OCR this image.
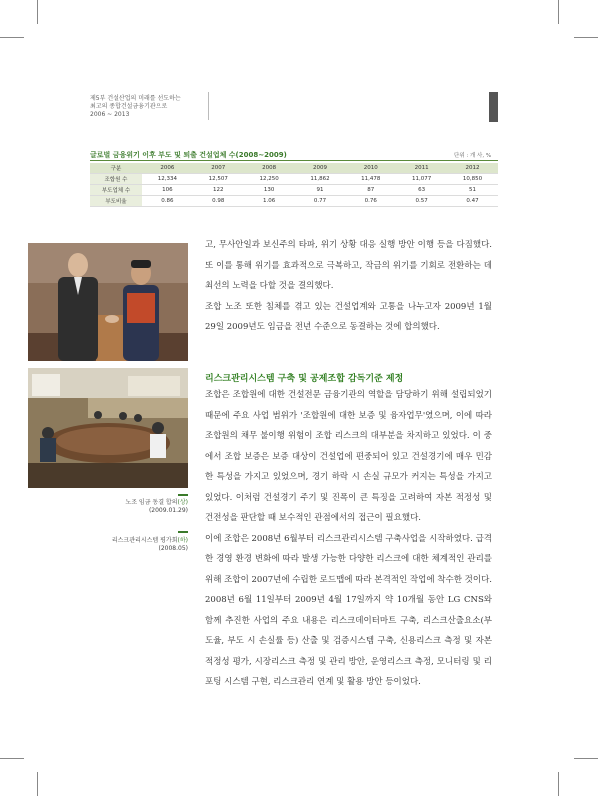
제5부 건설산업의 미래를 선도하는
최고의 종합건설금융기관으로
2006 ~ 2013
글로벌 금융위기 이후 부도 및 퇴출 건설업체 수(2008~2009)	단위 : 개 사, %
구분	2006	2007	2008	2009	2010	2011	2012
조합원 수	12,334	12,507	12,250	11,862	11,478	11,077	10,850
부도업체 수	106	122	130	91	87	63	51
부도비율	0.86	0.98	1.06	0.77	0.76	0.57	0.47
노조 임금 동결 합의(상)
(2009.01.29)
리스크관리시스템 평가회(하)
(2008.05)

고, 무사안일과 보신주의 타파, 위기 상황 대응 실행 방안 이행 등을 다짐했다. 또 이를 통해 위기를 효과적으로 극복하고, 작금의 위기를 기회로 전환하는 데 최선의 노력을 다할 것을 결의했다.

조합 노조 또한 침체를 겪고 있는 건설업계와 고통을 나누고자 2009년 1월 29일 2009년도 임금을 전년 수준으로 동결하는 것에 합의했다.

리스크관리시스템 구축 및 공제조합 감독기준 제정

조합은 조합원에 대한 건설전문 금융기관의 역할을 담당하기 위해 설립되었기 때문에 주요 사업 범위가 '조합원에 대한 보증 및 융자업무'였으며, 이에 따라 조합원의 채무 불이행 위험이 조합 리스크의 대부분을 차지하고 있었다. 이 중에서 조합 보증은 보증 대상이 건설업에 편중되어 있고 건설경기에 매우 민감한 특성을 가지고 있었으며, 경기 하락 시 손실 규모가 커지는 특성을 가지고 있었다. 이처럼 건설경기 주기 및 진폭이 큰 특징을 고려하여 자본 적정성 및 건전성을 판단할 때 보수적인 관점에서의 접근이 필요했다.

이에 조합은 2008년 6월부터 리스크관리시스템 구축사업을 시작하였다. 급격한 경영 환경 변화에 따라 발생 가능한 다양한 리스크에 대한 체계적인 관리를 위해 조합이 2007년에 수립한 로드맵에 따라 본격적인 작업에 착수한 것이다. 2008년 6월 11일부터 2009년 4월 17일까지 약 10개월 동안 LG CNS와 함께 추진한 사업의 주요 내용은 리스크데이터마트 구축, 리스크산출요소(부도율, 부도 시 손실률 등) 산출 및 검증시스템 구축, 신용리스크 측정 및 자본 적정성 평가, 시장리스크 측정 및 관리 방안, 운영리스크 측정, 모니터링 및 리포팅 시스템 구현, 리스크관리 연계 및 활용 방안 등이었다.
